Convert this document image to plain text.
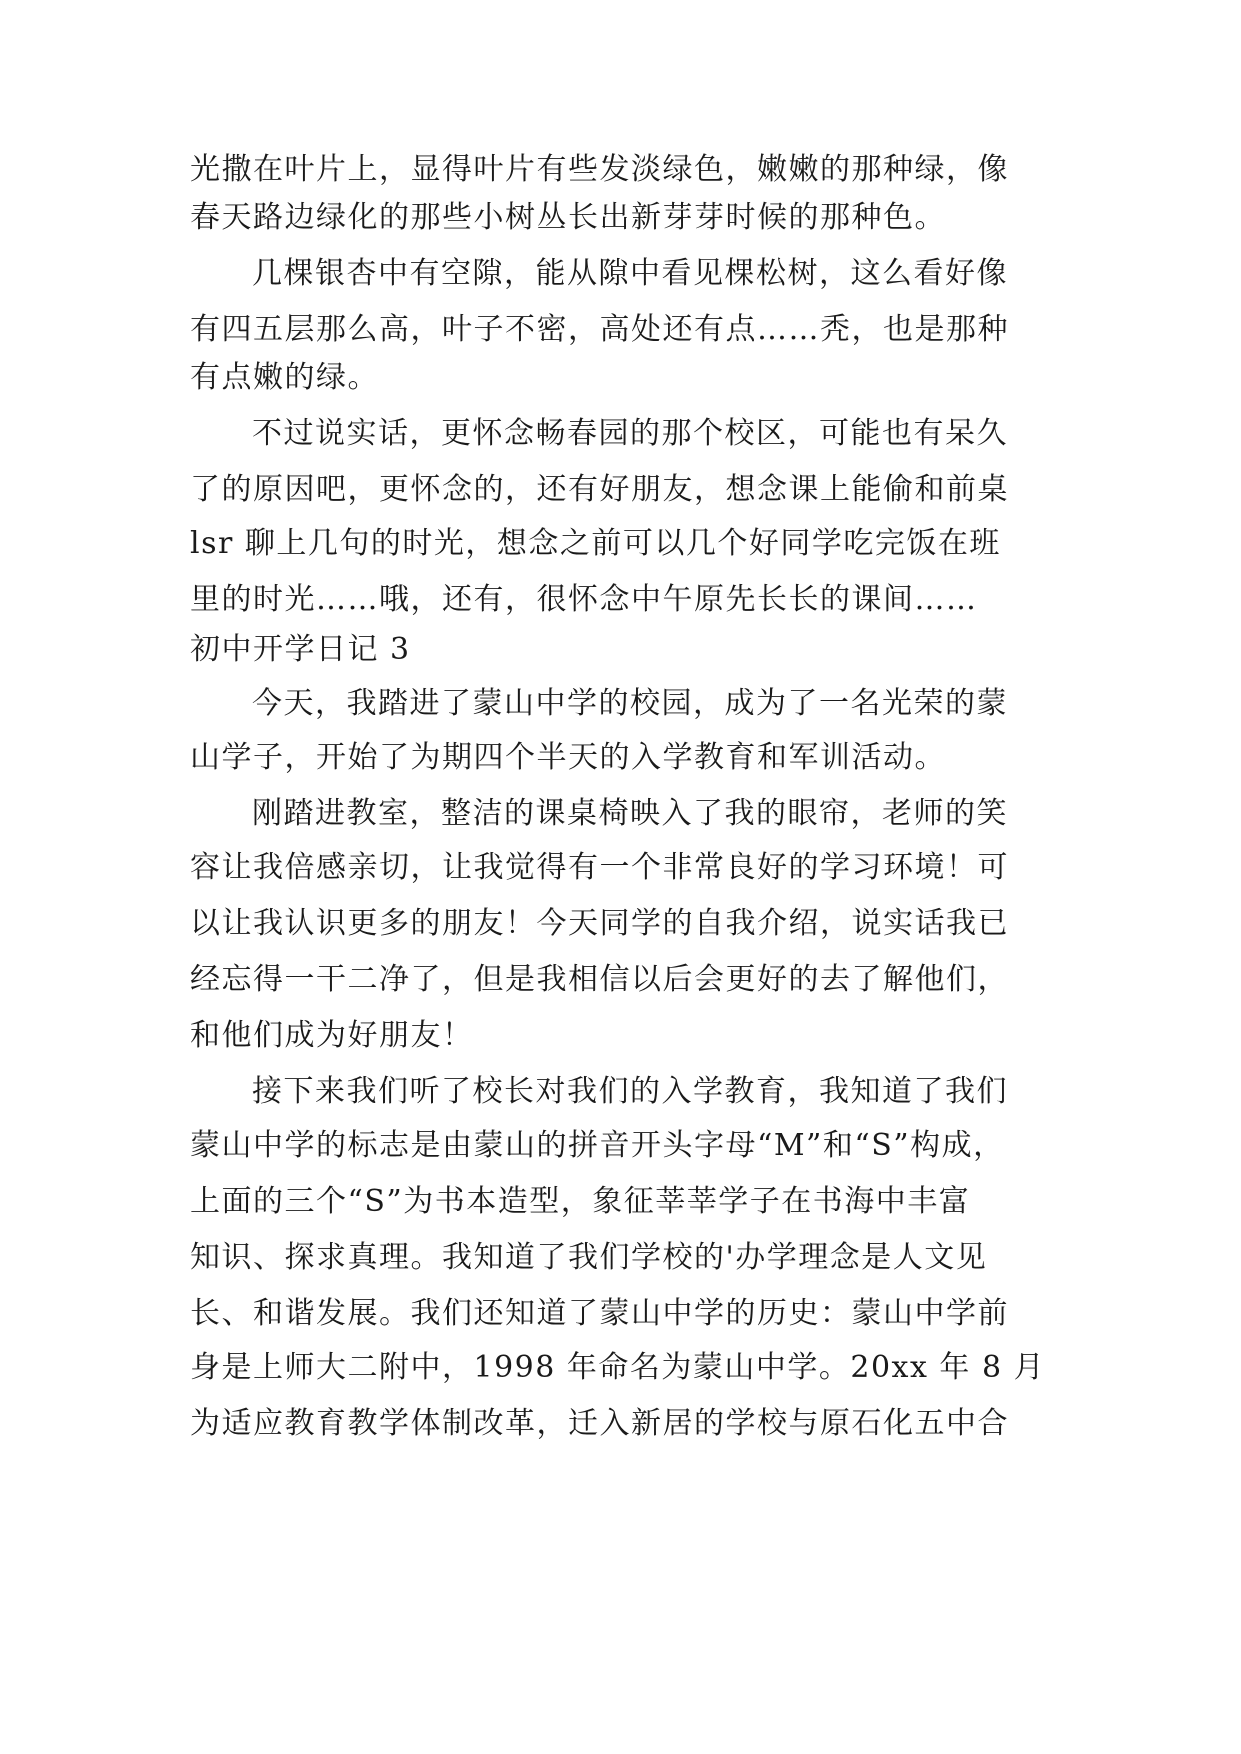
光撒在叶片上，显得叶片有些发淡绿色，嫩嫩的那种绿，像
春天路边绿化的那些小树丛长出新芽芽时候的那种色。
几棵银杏中有空隙，能从隙中看见棵松树，这么看好像
有四五层那么高，叶子不密，高处还有点……秃，也是那种
有点嫩的绿。
不过说实话，更怀念畅春园的那个校区，可能也有呆久
了的原因吧，更怀念的，还有好朋友，想念课上能偷和前桌
lsr 聊上几句的时光，想念之前可以几个好同学吃完饭在班
里的时光……哦，还有，很怀念中午原先长长的课间……
初中开学日记 3
今天，我踏进了蒙山中学的校园，成为了一名光荣的蒙
山学子，开始了为期四个半天的入学教育和军训活动。
刚踏进教室，整洁的课桌椅映入了我的眼帘，老师的笑
容让我倍感亲切，让我觉得有一个非常良好的学习环境！可
以让我认识更多的朋友！今天同学的自我介绍，说实话我已
经忘得一干二净了，但是我相信以后会更好的去了解他们，
和他们成为好朋友！
接下来我们听了校长对我们的入学教育，我知道了我们
蒙山中学的标志是由蒙山的拼音开头字母“M”和“S”构成，
上面的三个“S”为书本造型，象征莘莘学子在书海中丰富
知识、探求真理。我知道了我们学校的'办学理念是人文见
长、和谐发展。我们还知道了蒙山中学的历史：蒙山中学前
身是上师大二附中，1998 年命名为蒙山中学。20xx 年 8 月
为适应教育教学体制改革，迁入新居的学校与原石化五中合
